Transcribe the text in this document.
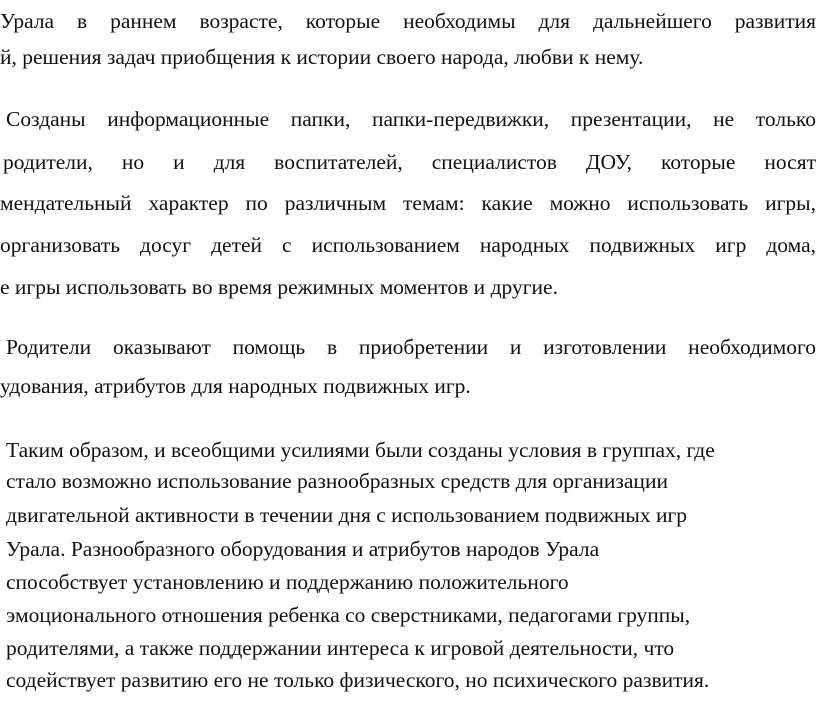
Урала в раннем возрасте, которые необходимы для дальнейшего развития
й, решения задач приобщения к истории своего народа, любви к нему.
Созданы информационные папки, папки-передвижки, презентации, не только
родители, но и для воспитателей, специалистов ДОУ, которые носят
мендательный характер по различным темам: какие можно использовать игры,
организовать досуг детей с использованием народных подвижных игр дома,
е игры использовать во время режимных моментов и другие.
Родители оказывают помощь в приобретении и изготовлении необходимого
удования, атрибутов для народных подвижных игр.
Таким образом, и всеобщими усилиями были созданы условия в группах, где
стало возможно использование разнообразных средств для организации
двигательной активности в течении дня с использованием подвижных игр
Урала. Разнообразного оборудования и атрибутов народов Урала
способствует установлению и поддержанию положительного
эмоционального отношения ребенка со сверстниками, педагогами группы,
родителями, а также поддержании интереса к игровой деятельности, что
содействует развитию его не только физического, но психического развития.
